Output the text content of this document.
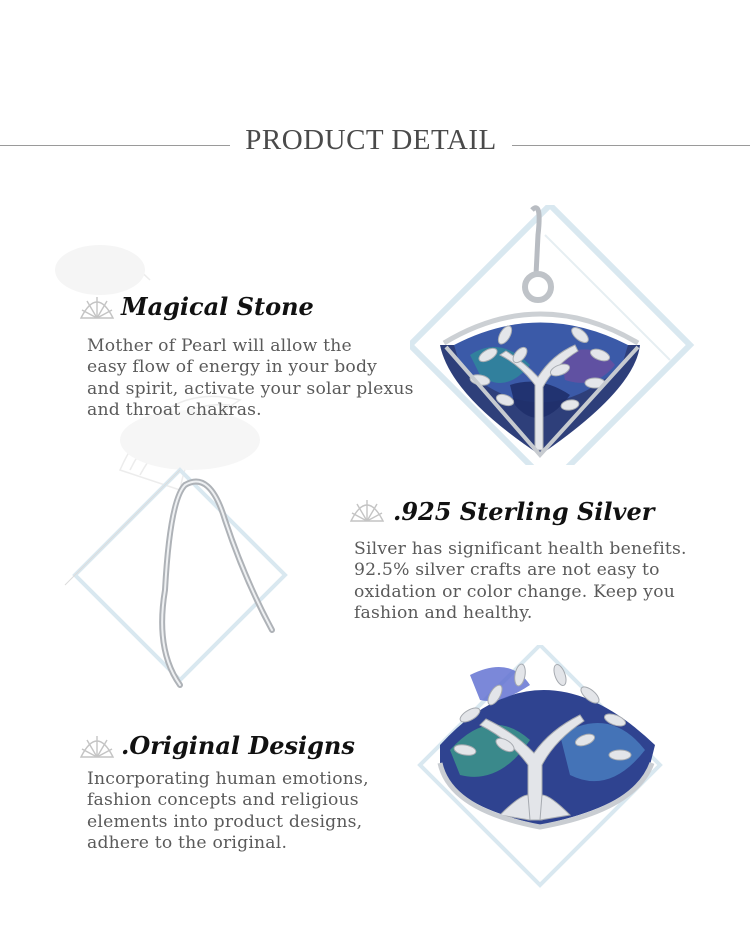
PRODUCT DETAIL
Magical Stone
Mother of Pearl will allow the
easy flow of energy in your body
and spirit, activate your solar plexus
and throat chakras.
.925 Sterling Silver
Silver has significant health benefits.
92.5% silver crafts are not easy to
oxidation or color change. Keep you
fashion and healthy.
.Original Designs
Incorporating human emotions,
fashion concepts and religious
elements into product designs,
adhere to the original.
